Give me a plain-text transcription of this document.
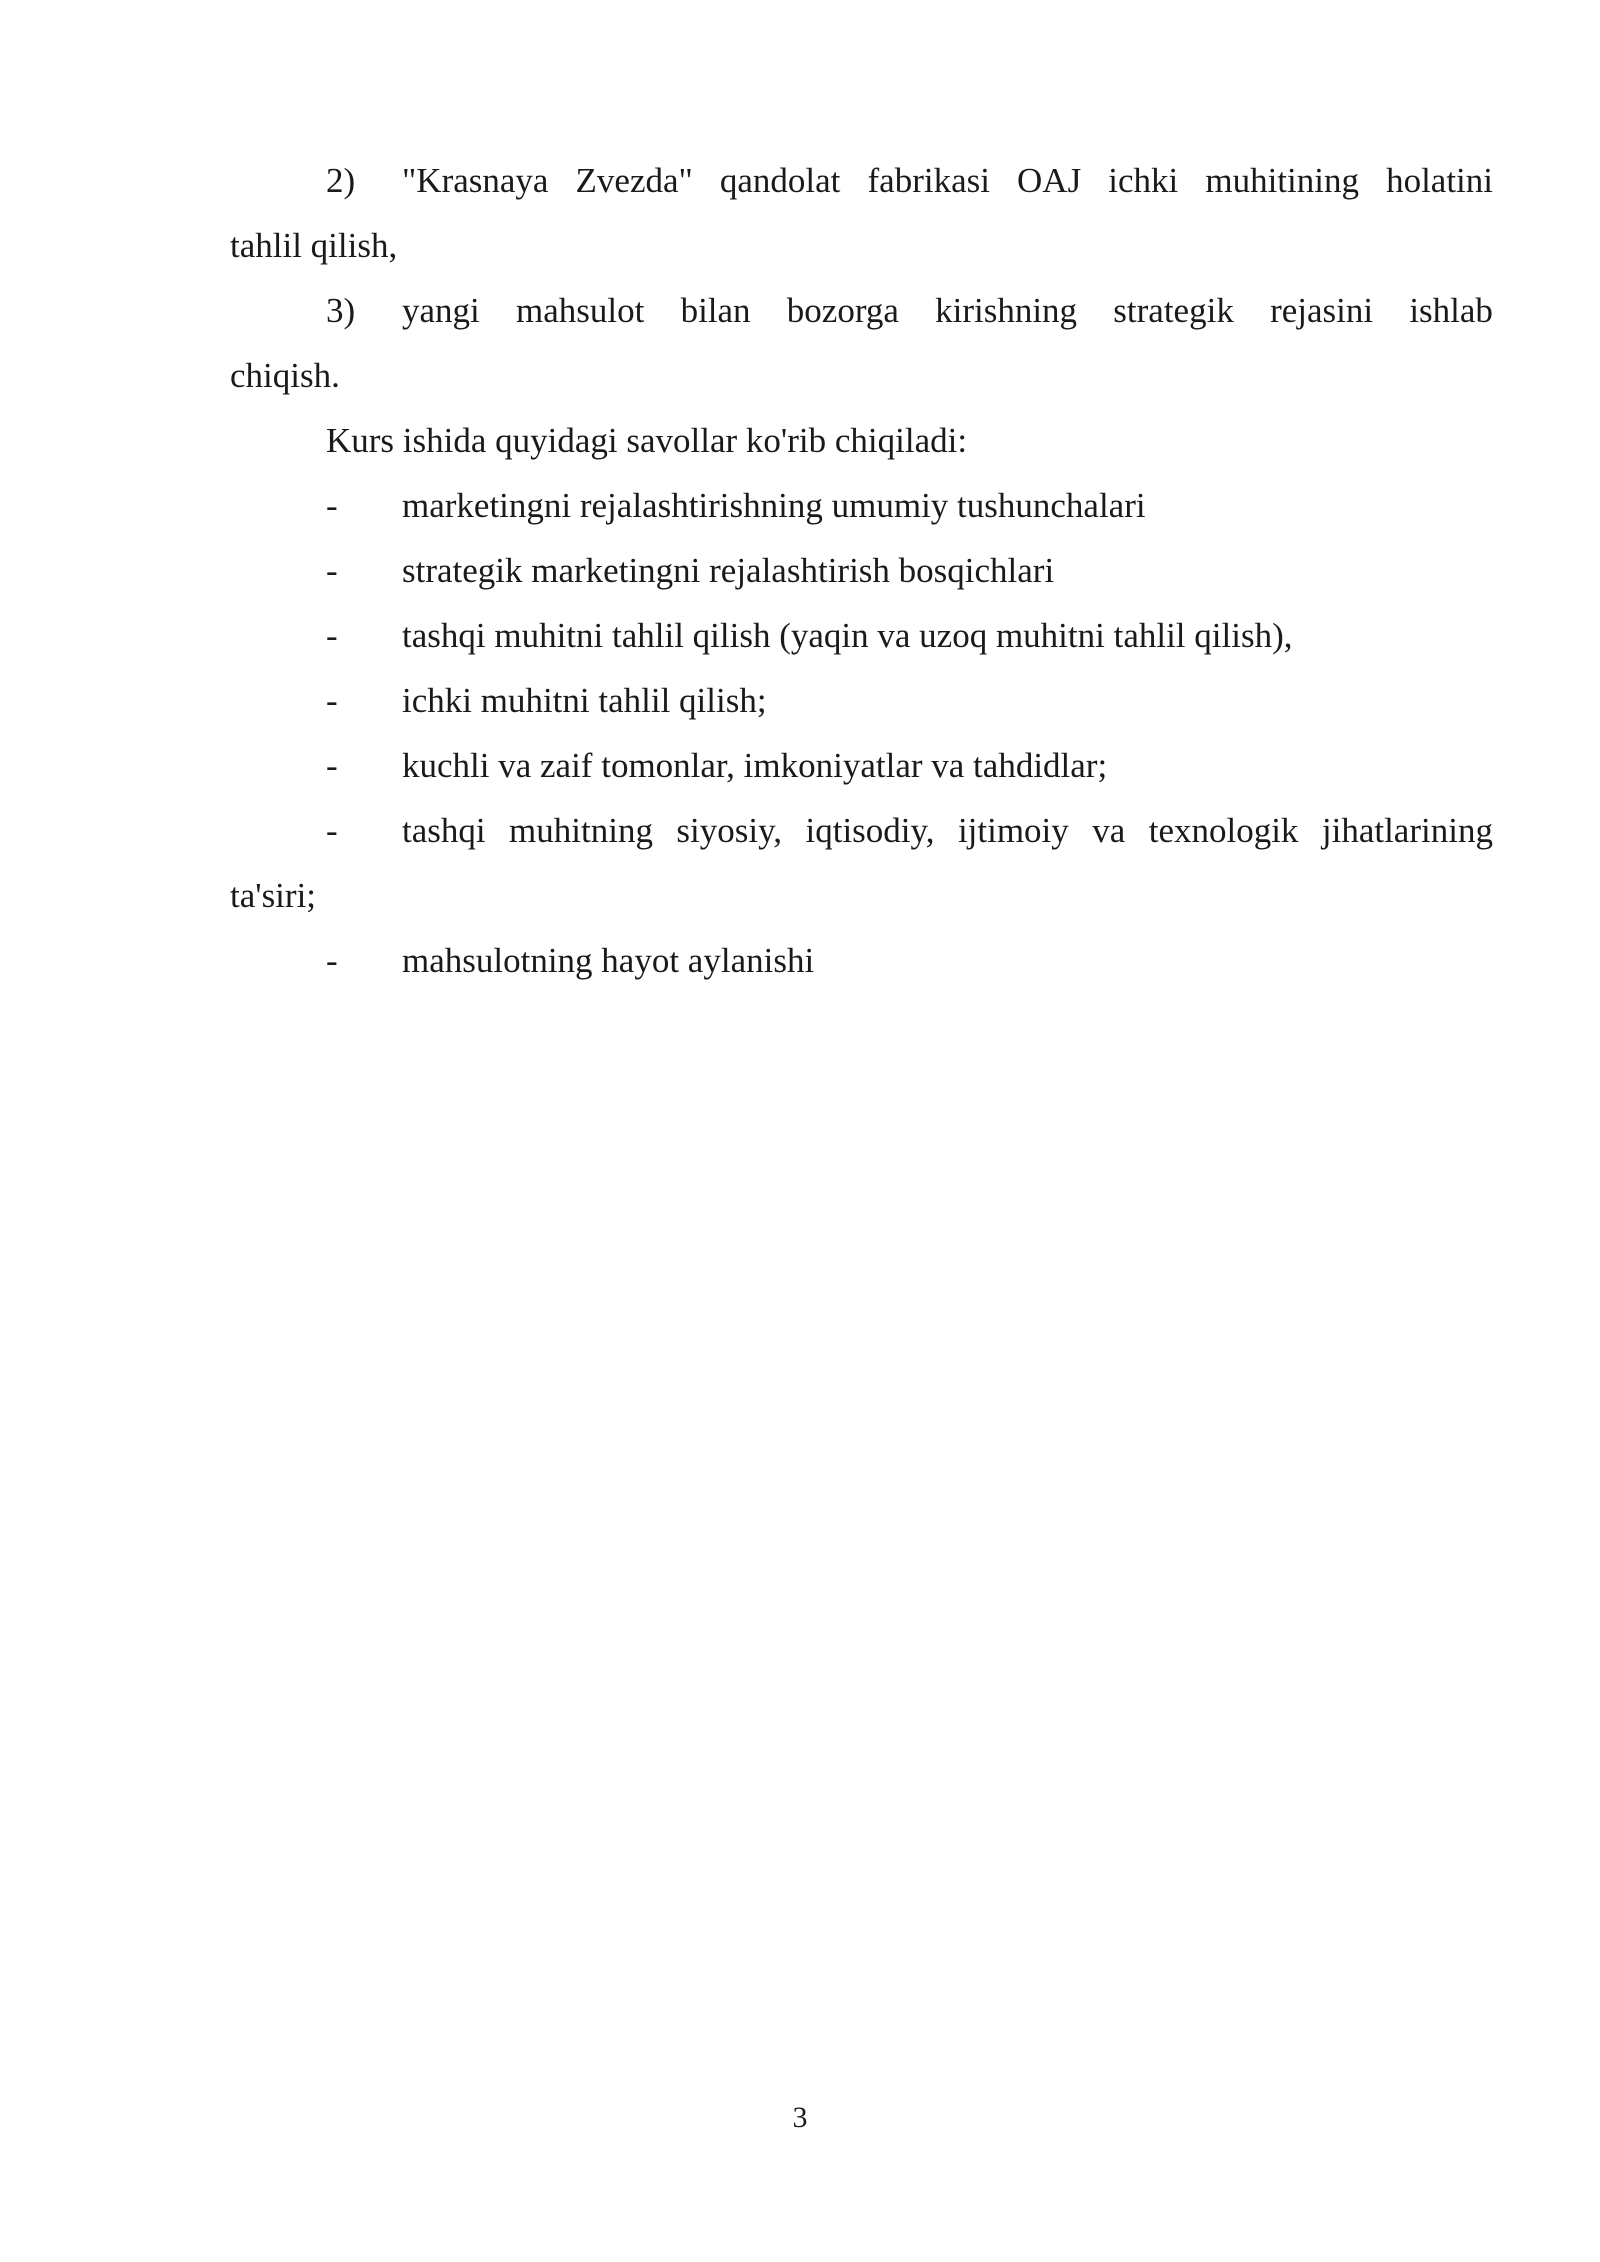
2)	"Krasnaya Zvezda" qandolat fabrikasi OAJ ichki muhitining holatini

tahlil qilish,

3)	yangi mahsulot bilan bozorga kirishning strategik rejasini ishlab

chiqish.

Kurs ishida quyidagi savollar ko'rib chiqiladi:

-	marketingni rejalashtirishning umumiy tushunchalari
-	strategik marketingni rejalashtirish bosqichlari
-	tashqi muhitni tahlil qilish (yaqin va uzoq muhitni tahlil qilish),
-	ichki muhitni tahlil qilish;
-	kuchli va zaif tomonlar, imkoniyatlar va tahdidlar;
-	tashqi muhitning siyosiy, iqtisodiy, ijtimoiy va texnologik jihatlarining

ta'siri;

-	mahsulotning hayot aylanishi
3
